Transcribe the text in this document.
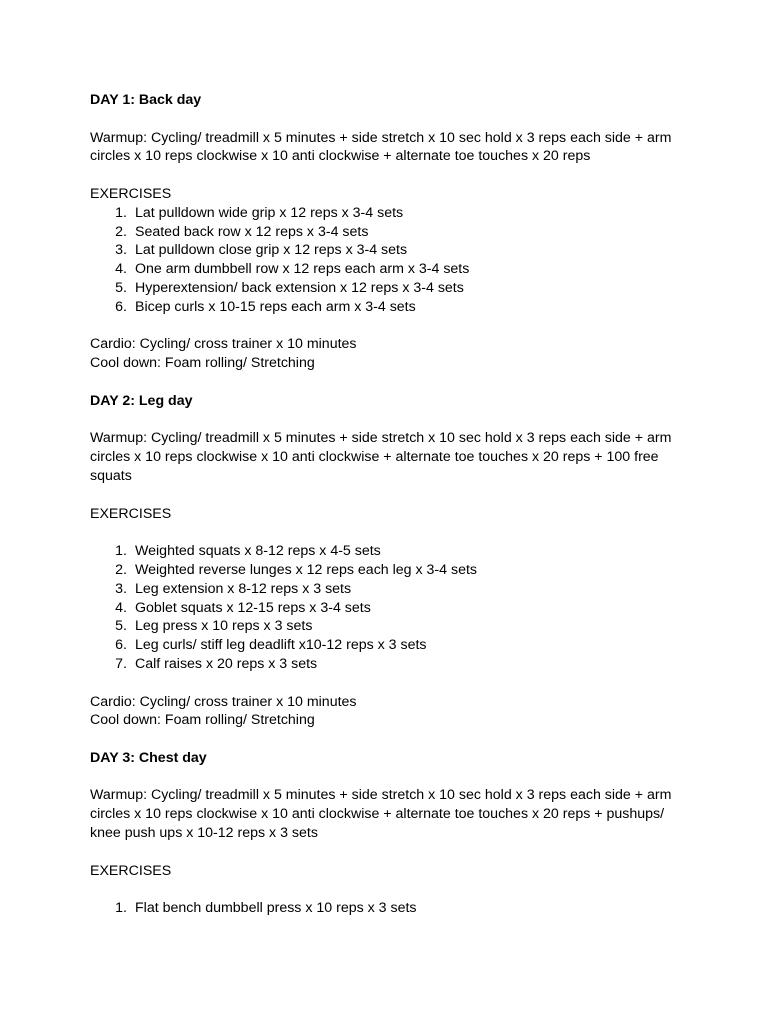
DAY 1: Back day

Warmup: Cycling/ treadmill x 5 minutes + side stretch x 10 sec hold x 3 reps each side + arm

circles x 10 reps clockwise x 10 anti clockwise + alternate toe touches x 20 reps

EXERCISES

1. Lat pulldown wide grip x 12 reps x 3-4 sets
2. Seated back row x 12 reps x 3-4 sets
3. Lat pulldown close grip x 12 reps x 3-4 sets
4. One arm dumbbell row x 12 reps each arm x 3-4 sets
5. Hyperextension/ back extension x 12 reps x 3-4 sets
6. Bicep curls x 10-15 reps each arm x 3-4 sets

Cardio: Cycling/ cross trainer x 10 minutes

Cool down: Foam rolling/ Stretching

DAY 2: Leg day

Warmup: Cycling/ treadmill x 5 minutes + side stretch x 10 sec hold x 3 reps each side + arm

circles x 10 reps clockwise x 10 anti clockwise + alternate toe touches x 20 reps + 100 free

squats

EXERCISES

1. Weighted squats x 8-12 reps x 4-5 sets
2. Weighted reverse lunges x 12 reps each leg x 3-4 sets
3. Leg extension x 8-12 reps x 3 sets
4. Goblet squats x 12-15 reps x 3-4 sets
5. Leg press x 10 reps x 3 sets
6. Leg curls/ stiff leg deadlift x10-12 reps x 3 sets
7. Calf raises x 20 reps x 3 sets

Cardio: Cycling/ cross trainer x 10 minutes

Cool down: Foam rolling/ Stretching

DAY 3: Chest day

Warmup: Cycling/ treadmill x 5 minutes + side stretch x 10 sec hold x 3 reps each side + arm

circles x 10 reps clockwise x 10 anti clockwise + alternate toe touches x 20 reps + pushups/

knee push ups x 10-12 reps x 3 sets

EXERCISES

1. Flat bench dumbbell press x 10 reps x 3 sets
